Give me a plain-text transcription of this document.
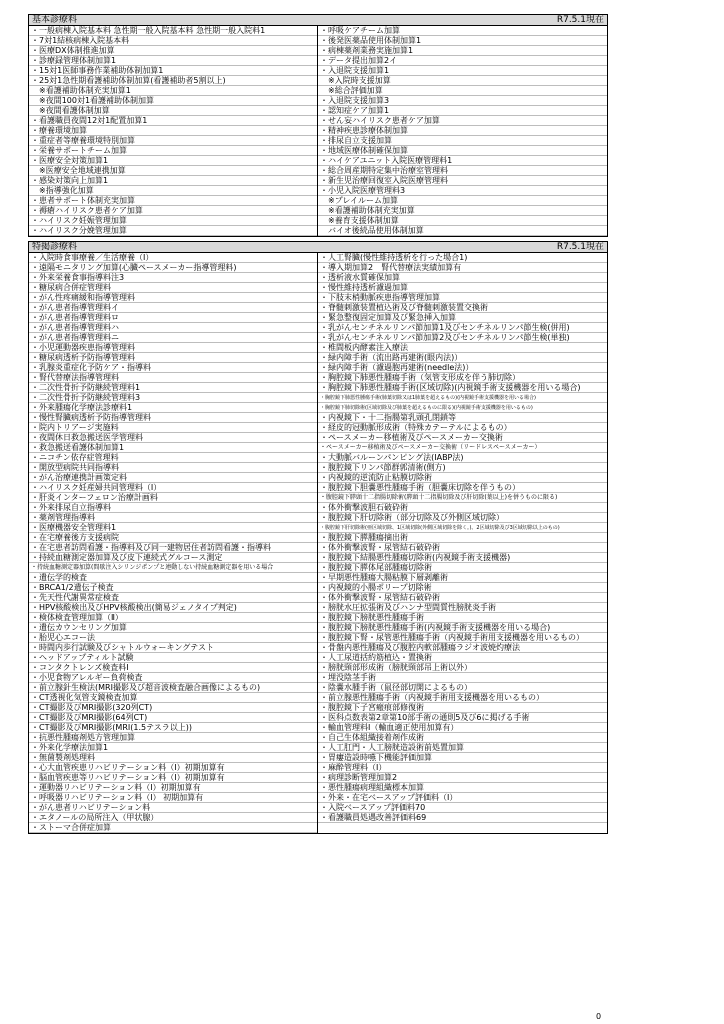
基本診療料	R7.5.1現在
・一般病棟入院基本料 急性期一般入院基本料 急性期一般入院料1
・7対1結核病棟入院基本料
・医療DX体制推進加算
・診療録管理体制加算1
・15対1医師事務作業補助体制加算1
・25対1急性期看護補助体制加算(看護補助者5割以上)
　※看護補助体制充実加算1
　※夜間100対1看護補助体制加算
　※夜間看護体制加算
・看護職員夜間12対1配置加算1
・療養環境加算
・重症者等療養環境特別加算
・栄養サポートチーム加算
・医療安全対策加算1
　※医療安全地域連携加算
・感染対策向上加算1
　※指導強化加算
・患者サポート体制充実加算
・褥瘡ハイリスク患者ケア加算
・ハイリスク妊娠管理加算
・ハイリスク分娩管理加算
・呼吸ケアチーム加算
・後発医薬品使用体制加算1
・病棟薬剤業務実施加算1
・データ提出加算2イ
・入退院支援加算1
　※入院時支援加算
　※総合評価加算
・入退院支援加算3
・認知症ケア加算1
・せん妄ハイリスク患者ケア加算
・精神疾患診療体制加算
・排尿自立支援加算
・地域医療体制確保加算
・ハイケアユニット入院医療管理料1
・総合周産期特定集中治療室管理料
・新生児治療回復室入院医療管理料
・小児入院医療管理料3
　※プレイルーム加算
　※看護補助体制充実加算
　※養育支援体制加算
　バイオ後続品使用体制加算
特掲診療料	R7.5.1現在
・入院時食事療養／生活療養（Ⅰ）
・遠隔モニタリング加算(心臓ペースメーカー指導管理料)
・外来栄養食事指導料注3
・糖尿病合併症管理料
・がん性疼痛緩和指導管理料
・がん患者指導管理料イ
・がん患者指導管理料ロ
・がん患者指導管理料ハ
・がん患者指導管理料ニ
・小児運動器疾患指導管理料
・糖尿病透析予防指導管理料
・乳腺炎重症化予防ケア・指導料
・腎代替療法指導管理料
・二次性骨折予防継続管理料1
・二次性骨折予防継続管理料3
・外来腫瘍化学療法診療料1
・慢性腎臓病透析予防指導管理料
・院内トリアージ実施料
・夜間休日救急搬送医学管理料
・救急搬送看護体制加算1
・ニコチン依存症管理料
・開放型病院共同指導料
・がん治療連携計画策定料
・ハイリスク妊産婦共同管理料（Ⅰ）
・肝炎インターフェロン治療計画料
・外来排尿自立指導料
・薬剤管理指導料
・医療機器安全管理料1
・在宅療養後方支援病院
・在宅患者訪問看護・指導料及び同一建物居住者訪問看護・指導料
・持続血糖測定器加算及び皮下連続式グルコース測定
・持続血糖測定器加算(間歇注入シリンジポンプと連動しない持続血糖測定器を用いる場合
・遺伝学的検査
・BRCA1/2遺伝子検査
・先天性代謝異常症検査
・HPV核酸検出及びHPV核酸検出(簡易ジェノタイプ判定)
・検体検査管理加算（Ⅱ）
・遺伝カウンセリング加算
・胎児心エコー法
・時間内歩行試験及びシャトルウォーキングテスト
・ヘッドアップティルト試験
・コンタクトレンズ検査料Ⅰ
・小児食物アレルギー負荷検査
・前立腺針生検法(MRI撮影及び超音波検査融合画像によるもの)
・CT透視化気管支鏡検査加算
・CT撮影及びMRI撮影(320列CT)
・CT撮影及びMRI撮影(64列CT)
・CT撮影及びMRI撮影(MRI(1.5テスラ以上))
・抗悪性腫瘍剤処方管理加算
・外来化学療法加算1
・無菌製剤処理料
・心大血管疾患リハビリテーション料（Ⅰ）初期加算有
・脳血管疾患等リハビリテーション料（Ⅰ）初期加算有
・運動器リハビリテーション料（Ⅰ）初期加算有
・呼吸器リハビリテーション料（Ⅰ） 初期加算有
・がん患者リハビリテーション料
・エタノールの局所注入（甲状腺）
・ストーマ合併症加算
・人工腎臓(慢性維持透析を行った場合1)
・導入期加算2　腎代替療法実績加算有
・透析液水質確保加算
・慢性維持透析濾過加算
・下肢末梢動脈疾患指導管理加算
・脊髄刺激装置植込術及び脊髄刺激装置交換術
・緊急整復固定加算及び緊急挿入加算
・乳がんセンチネルリンパ節加算1及びセンチネルリンパ節生検(併用)
・乳がんセンチネルリンパ節加算2及びセンチネルリンパ節生検(単独)
・椎間板内酵素注入療法
・緑内障手術（流出路再建術(眼内法)）
・緑内障手術（濾過胞再建術(needle法)）
・胸腔鏡下肺悪性腫瘍手術（気管支形成を伴う肺切除）
・胸腔鏡下肺悪性腫瘍手術(区域切除)(内視鏡手術支援機器を用いる場合)
・胸腔鏡下肺悪性腫瘍手術(肺葉切除又は1肺葉を超えるもの)(内視鏡手術支援機器を用いる場合)
・胸腔鏡下肺切除術(区域切除及び肺葉を超えるものに限る)(内視鏡手術支援機器を用いるもの)
・内視鏡下・十二指腸第乳頭孔閉鎖等
・経皮的冠動脈形成術（特殊カテーテルによるもの）
・ペースメーカー移植術及びペースメーカー交換術
・ペースメーカー移植術及びペースメーカー交換術（リードレスペースメーカー）
・大動脈バルーンパンピング法(IABP法)
・腹腔鏡下リンパ節群郭清術(側方)
・内視鏡的逆流防止粘膜切除術
・腹腔鏡下胆嚢悪性腫瘍手術（胆嚢床切除を伴うもの）
・腹腔鏡下膵頭十二指腸切除術(膵頭十二指腸切除及び肝切除(葉以上)を併うものに限る)
・体外衝撃波胆石破砕術
・腹腔鏡下肝切除術（部分切除及び外側区域切除）
・腹腔鏡下肝切除術(亜区域切除、1区域切除(外側区域切除を除く。)、2区域切除及び3区域切除以上のもの)
・腹腔鏡下膵腫瘍摘出術
・体外衝撃波腎・尿管結石破砕術
・腹腔鏡下結腸悪性腫瘍切除術(内視鏡手術支援機器)
・腹腔鏡下膵体尾部腫瘍切除術
・早期悪性腫瘍大腸粘膜下層剥離術
・内視鏡的小腸ポリープ切除術
・体外衝撃波腎・尿管結石破砕術
・膀胱水圧拡張術及びハンナ型間質性膀胱炎手術
・腹腔鏡下膀胱悪性腫瘍手術
・腹腔鏡下膀胱悪性腫瘍手術(内視鏡手術支援機器を用いる場合)
・腹腔鏡下腎・尿管悪性腫瘍手術（内視鏡手術用支援機器を用いるもの）
・骨盤内悪性腫瘍及び腹腔内軟部腫瘍ラジオ波焼灼療法
・人工尿道括約筋植込・置換術
・膀胱頸部形成術（膀胱頸部吊上術以外）
・埋没陰茎手術
・陰嚢水腫手術（鼠径部切開によるもの）
・前立腺悪性腫瘍手術（内視鏡手術用支援機器を用いるもの）
・腹腔鏡下子宮瘢痕部修復術
・医科点数表第2章第10部手術の通則5及び6に掲げる手術
・輸血管理料Ⅰ（輸血適正使用加算有）
・自己生体組織接着剤作成術
・人工肛門・人工膀胱造設術前処置加算
・胃瘻造設時嚥下機能評価加算
・麻酔管理料（Ⅰ）
・病理診断管理加算2
・悪性腫瘍病理組織標本加算
・外来・在宅ベースアップ評価料（Ⅰ）
・入院ベースアップ評価料70
・看護職員処遇改善評価料69
0
